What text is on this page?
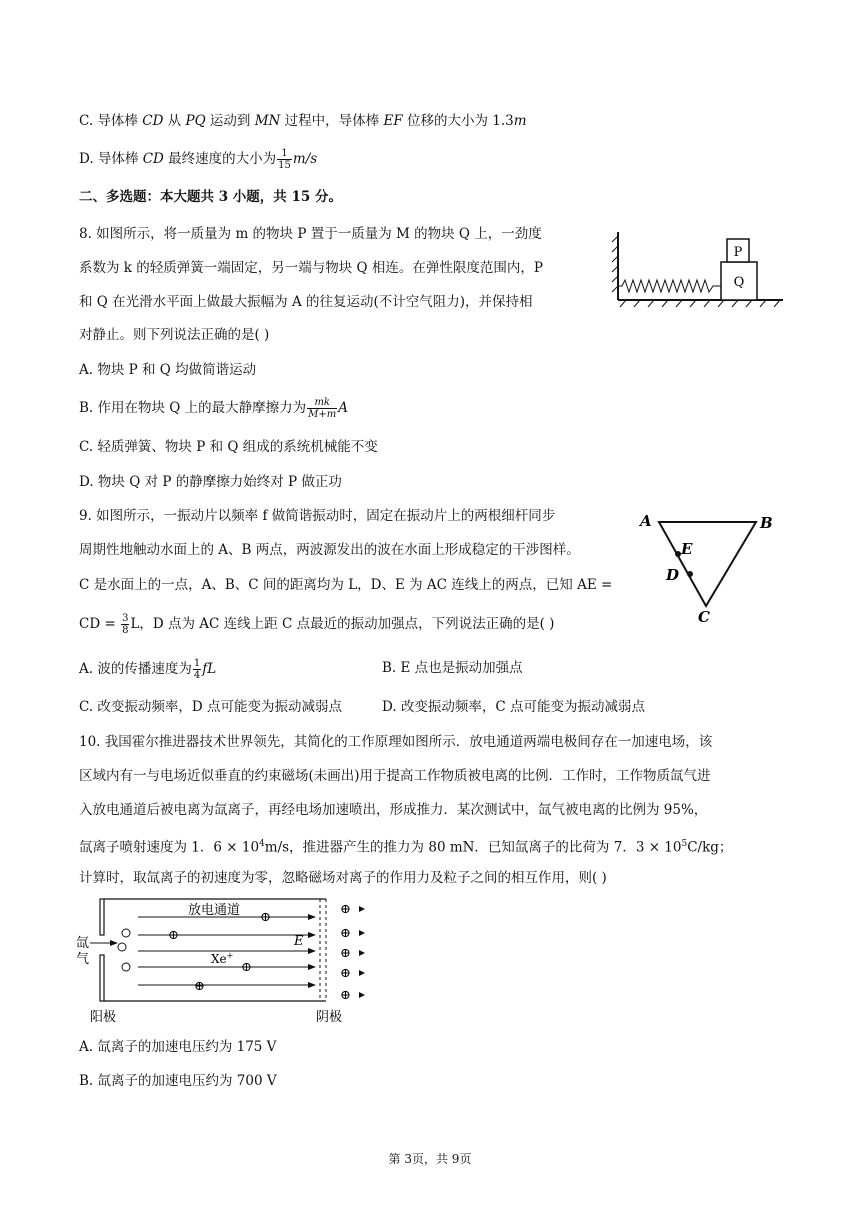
C. 导体棒 CD 从 PQ 运动到 MN 过程中，导体棒 EF 位移的大小为 1.3m
D. 导体棒 CD 最终速度的大小为 $\frac{1}{15} m/s$
二、多选题：本大题共 3 小题，共 15 分。
8. 如图所示，将一质量为 m 的物块 P 置于一质量为 M 的物块 Q 上，一劲度
系数为 k 的轻质弹簧一端固定，另一端与物块 Q 相连。在弹性限度范围内，P
和 Q 在光滑水平面上做最大振幅为 A 的往复运动(不计空气阻力)，并保持相
对静止。则下列说法正确的是( )
A. 物块 P 和 Q 均做简谐运动
B. 作用在物块 Q 上的最大静摩擦力为 $\frac{mk}{M+m}$ A
C. 轻质弹簧、物块 P 和 Q 组成的系统机械能不变
D. 物块 Q 对 P 的静摩擦力始终对 P 做正功
P
Q
9. 如图所示，一振动片以频率 f 做简谐振动时，固定在振动片上的两根细杆同步
周期性地触动水面上的 A、B 两点，两波源发出的波在水面上形成稳定的干涉图样。
C 是水面上的一点，A、B、C 间的距离均为 L，D、E 为 AC 连线上的两点，已知 AE =
CD = $\frac{3}{8}$ L，D 点为 AC 连线上距 C 点最近的振动加强点，下列说法正确的是( )
A. 波的传播速度为 $\frac{1}{4}$ fL	B. E 点也是振动加强点
C. 改变振动频率，D 点可能变为振动减弱点	D. 改变振动频率，C 点可能变为振动减弱点
A	B
C
D
E
10. 我国霍尔推进器技术世界领先，其简化的工作原理如图所示．放电通道两端电极间存在一加速电场，该
区域内有一与电场近似垂直的约束磁场(未画出)用于提高工作物质被电离的比例．工作时，工作物质氙气进
入放电通道后被电离为氙离子，再经电场加速喷出，形成推力．某次测试中，氙气被电离的比例为 95%，
氙离子喷射速度为 1．$6 \times 10^4m/s$，推进器产生的推力为 80 mN．已知氙离子的比荷为 7．$3 \times 10^5C/kg$；
计算时，取氙离子的初速度为零，忽略磁场对离子的作用力及粒子之间的相互作用，则( )
氙
气
放电通道
E
Xe+
⊕
⊕
⊕
⊕
⊕
⊕
⊕
⊕
⊕
阳极	阴极
A. 氙离子的加速电压约为 175 V
B. 氙离子的加速电压约为 700 V
第 3页，共 9页
